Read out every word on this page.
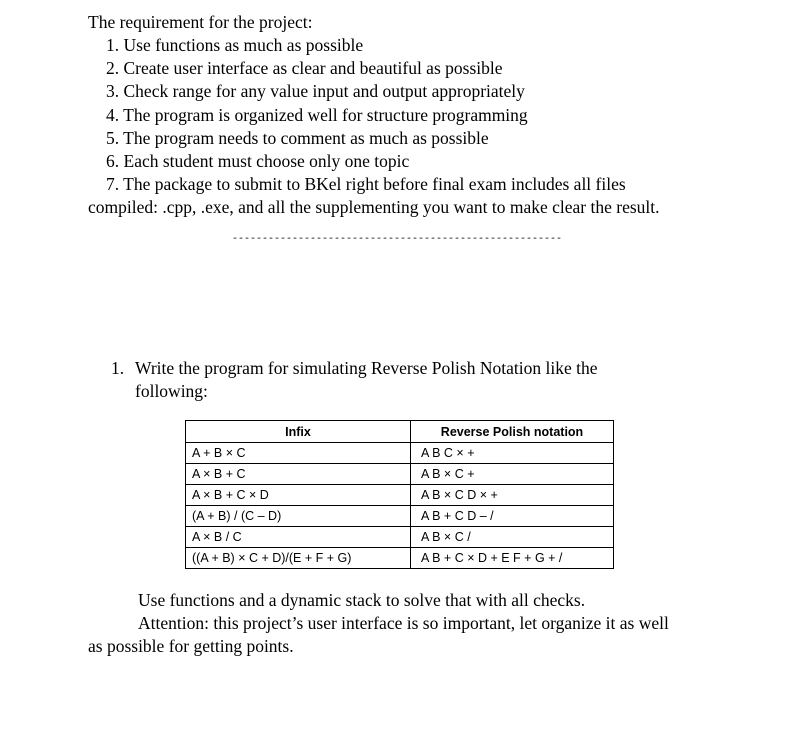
The requirement for the project:
1. Use functions as much as possible
2. Create user interface as clear and beautiful as possible
3. Check range for any value input and output appropriately
4. The program is organized well for structure programming
5. The program needs to comment as much as possible
6. Each student must choose only one topic
7. The package to submit to BKel right before final exam includes all files
compiled: .cpp, .exe, and all the supplementing you want to make clear the result.
-------------------------------------------------------
1. Write the program for simulating Reverse Polish Notation like the
following:
Infix	Reverse Polish notation
A + B × C	A B C × +
A × B + C	A B × C +
A × B + C × D	A B × C D × +
(A + B) / (C – D)	A B + C D – /
A × B / C	A B × C /
((A + B) × C + D)/(E + F + G)	A B + C × D + E F + G + /
Use functions and a dynamic stack to solve that with all checks.
Attention: this project’s user interface is so important, let organize it as well
as possible for getting points.
